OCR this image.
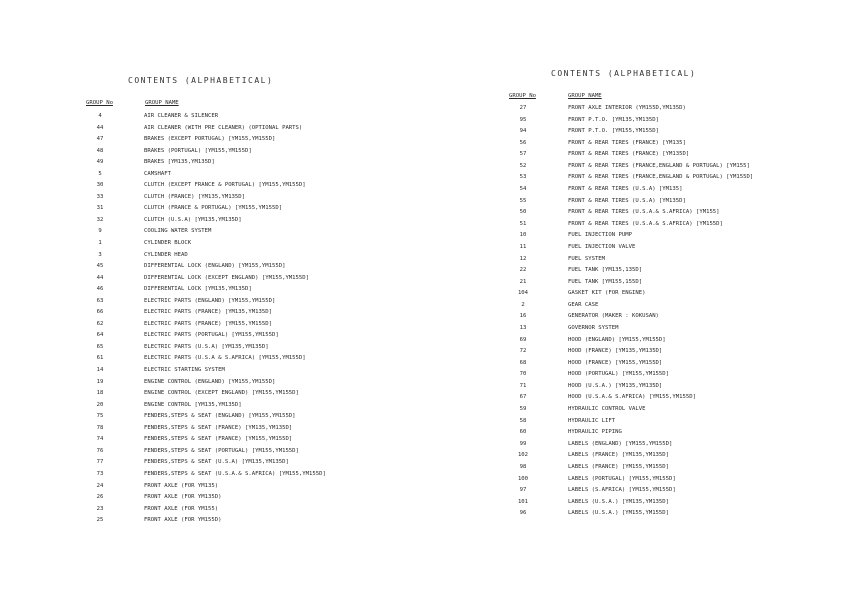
CONTENTS (ALPHABETICAL)
GROUP No	GROUP NAME
4	AIR CLEANER & SILENCER
44	AIR CLEANER (WITH PRE CLEANER) (OPTIONAL PARTS)
47	BRAKES (EXCEPT PORTUGAL) [YM155,YM155D]
48	BRAKES (PORTUGAL) [YM155,YM155D]
49	BRAKES [YM135,YM135D]
5	CAMSHAFT
30	CLUTCH (EXCEPT FRANCE & PORTUGAL) [YM155,YM155D]
33	CLUTCH (FRANCE) [YM135,YM135D]
31	CLUTCH (FRANCE & PORTUGAL) [YM155,YM155D]
32	CLUTCH (U.S.A) [YM135,YM135D]
9	COOLING WATER SYSTEM
1	CYLINDER BLOCK
3	CYLINDER HEAD
45	DIFFERENTIAL LOCK (ENGLAND) [YM155,YM155D]
44	DIFFERENTIAL LOCK (EXCEPT ENGLAND) [YM155,YM155D]
46	DIFFERENTIAL LOCK [YM135,YM135D]
63	ELECTRIC PARTS (ENGLAND) [YM155,YM155D]
66	ELECTRIC PARTS (FRANCE) [YM135,YM135D]
62	ELECTRIC PARTS (FRANCE) [YM155,YM155D]
64	ELECTRIC PARTS (PORTUGAL) [YM155,YM155D]
65	ELECTRIC PARTS (U.S.A) [YM135,YM135D]
61	ELECTRIC PARTS (U.S.A & S.AFRICA) [YM155,YM155D]
14	ELECTRIC STARTING SYSTEM
19	ENGINE CONTROL (ENGLAND) [YM155,YM155D]
18	ENGINE CONTROL (EXCEPT ENGLAND) [YM155,YM155D]
20	ENGINE CONTROL [YM135,YM135D]
75	FENDERS,STEPS & SEAT (ENGLAND) [YM155,YM155D]
78	FENDERS,STEPS & SEAT (FRANCE) [YM135,YM135D]
74	FENDERS,STEPS & SEAT (FRANCE) [YM155,YM155D]
76	FENDERS,STEPS & SEAT (PORTUGAL) [YM155,YM155D]
77	FENDERS,STEPS & SEAT (U.S.A) [YM135,YM135D]
73	FENDERS,STEPS & SEAT (U.S.A.& S.AFRICA) [YM155,YM155D]
24	FRONT AXLE (FOR YM135)
26	FRONT AXLE (FOR YM135D)
23	FRONT AXLE (FOR YM155)
25	FRONT AXLE (FOR YM155D)
CONTENTS (ALPHABETICAL)
GROUP No	GROUP NAME
27	FRONT AXLE INTERIOR (YM155D,YM135D)
95	FRONT P.T.O. [YM135,YM135D]
94	FRONT P.T.O. [YM155,YM155D]
56	FRONT & REAR TIRES (FRANCE) [YM135]
57	FRONT & REAR TIRES (FRANCE) [YM135D]
52	FRONT & REAR TIRES (FRANCE,ENGLAND & PORTUGAL) [YM155]
53	FRONT & REAR TIRES (FRANCE,ENGLAND & PORTUGAL) [YM155D]
54	FRONT & REAR TIRES (U.S.A) [YM135]
55	FRONT & REAR TIRES (U.S.A) [YM135D]
50	FRONT & REAR TIRES (U.S.A.& S.AFRICA) [YM155]
51	FRONT & REAR TIRES (U.S.A.& S.AFRICA) [YM155D]
10	FUEL INJECTION PUMP
11	FUEL INJECTION VALVE
12	FUEL SYSTEM
22	FUEL TANK [YM135,135D]
21	FUEL TANK [YM155,155D]
104	GASKET KIT (FOR ENGINE)
2	GEAR CASE
16	GENERATOR (MAKER : KOKUSAN)
13	GOVERNOR SYSTEM
69	HOOD (ENGLAND) [YM155,YM155D]
72	HOOD (FRANCE) [YM135,YM135D]
68	HOOD (FRANCE) [YM155,YM155D]
70	HOOD (PORTUGAL) [YM155,YM155D]
71	HOOD (U.S.A.) [YM135,YM135D]
67	HOOD (U.S.A.& S.AFRICA) [YM155,YM155D]
59	HYDRAULIC CONTROL VALVE
58	HYDRAULIC LIFT
60	HYDRAULIC PIPING
99	LABELS (ENGLAND) [YM155,YM155D]
102	LABELS (FRANCE) [YM135,YM135D]
98	LABELS (FRANCE) [YM155,YM155D]
100	LABELS (PORTUGAL) [YM155,YM155D]
97	LABELS (S.AFRICA) [YM155,YM155D]
101	LABELS (U.S.A.) [YM135,YM135D]
96	LABELS (U.S.A.) [YM155,YM155D]
